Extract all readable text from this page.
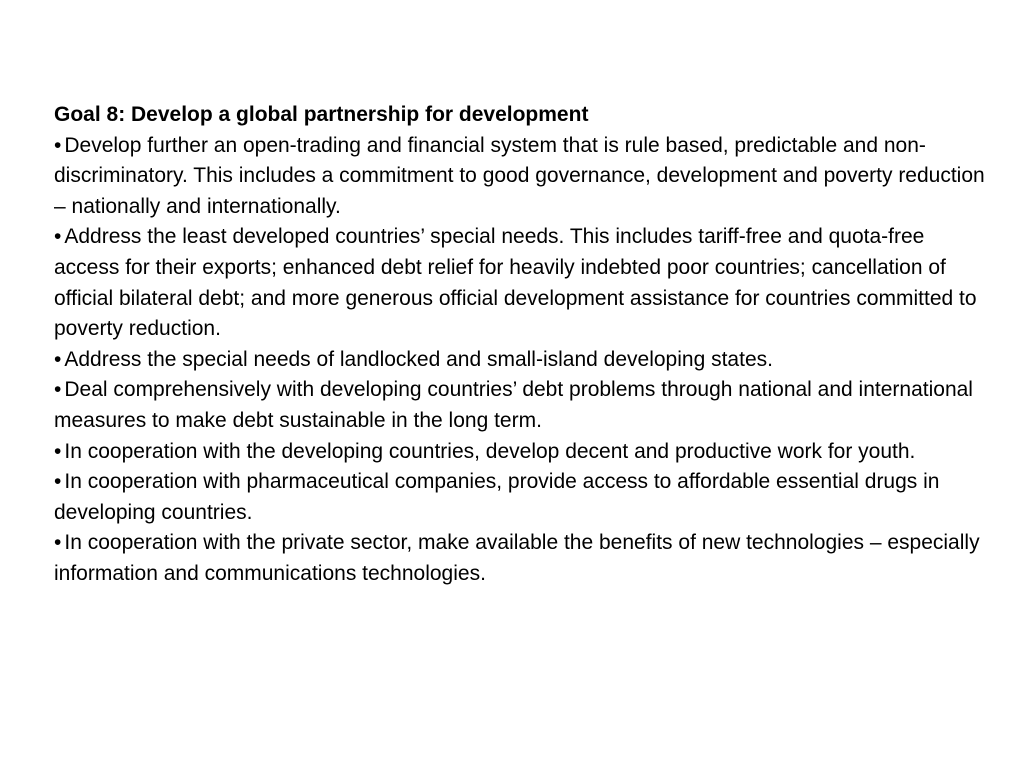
Goal 8: Develop a global partnership for development

• Develop further an open-trading and financial system that is rule based, predictable and non-discriminatory. This includes a commitment to good governance, development and poverty reduction – nationally and internationally.

• Address the least developed countries’ special needs. This includes tariff-free and quota-free access for their exports; enhanced debt relief for heavily indebted poor countries; cancellation of official bilateral debt; and more generous official development assistance for countries committed to poverty reduction.

• Address the special needs of landlocked and small-island developing states.

• Deal comprehensively with developing countries’ debt problems through national and international measures to make debt sustainable in the long term.

• In cooperation with the developing countries, develop decent and productive work for youth.

• In cooperation with pharmaceutical companies, provide access to affordable essential drugs in developing countries.

• In cooperation with the private sector, make available the benefits of new technologies – especially information and communications technologies.
